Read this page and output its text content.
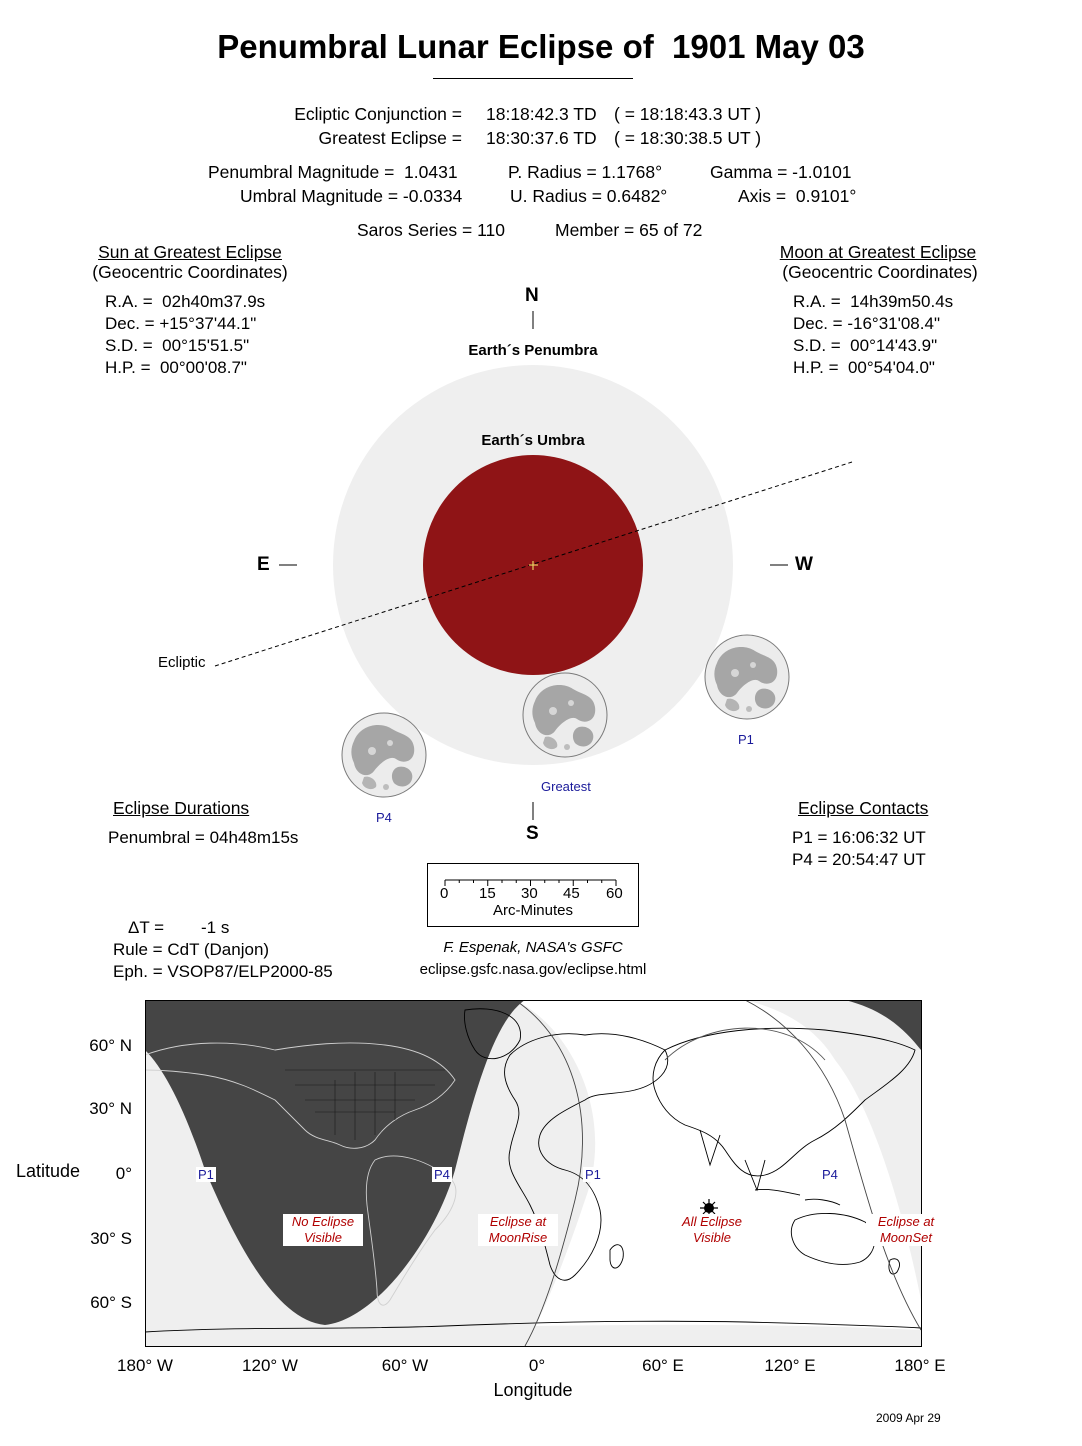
Penumbral Lunar Eclipse of  1901 May 03
Ecliptic Conjunction = 18:18:42.3 TD ( = 18:18:43.3 UT )
Greatest Eclipse = 18:30:37.6 TD ( = 18:30:38.5 UT )
Penumbral Magnitude =  1.0431
Umbral Magnitude = -0.0334
P. Radius = 1.1768°
U. Radius = 0.6482°
Gamma = -1.0101
Axis =  0.9101°
Saros Series = 110	Member = 65 of 72
Sun at Greatest Eclipse
(Geocentric Coordinates)
R.A. =  02h40m37.9s
Dec. = +15°37'44.1"
S.D. =  00°15'51.5"
H.P. =  00°00'08.7"
Moon at Greatest Eclipse
(Geocentric Coordinates)
R.A. =  14h39m50.4s
Dec. = -16°31'08.4"
S.D. =  00°14'43.9"
H.P. =  00°54'04.0"
N
S
E	W
Earth´s Penumbra
Earth´s Umbra
Ecliptic
P1
Greatest
P4
Eclipse Durations
Penumbral = 04h48m15s
Eclipse Contacts
P1 = 16:06:32 UT
P4 = 20:54:47 UT
0 15 30 45 60
Arc-Minutes
ΔT = -1 s
Rule = CdT (Danjon)
Eph. = VSOP87/ELP2000-85
F. Espenak, NASA's GSFC
eclipse.gsfc.nasa.gov/eclipse.html
P1	P4	P1	P4
No Eclipse
Visible
Eclipse at
MoonRise
All Eclipse
Visible
Eclipse at
MoonSet
Latitude
60° N
30° N
0°
30° S
60° S
180° W	120° W	60° W	0°	60° E	120° E	180° E
Longitude
2009 Apr 29
